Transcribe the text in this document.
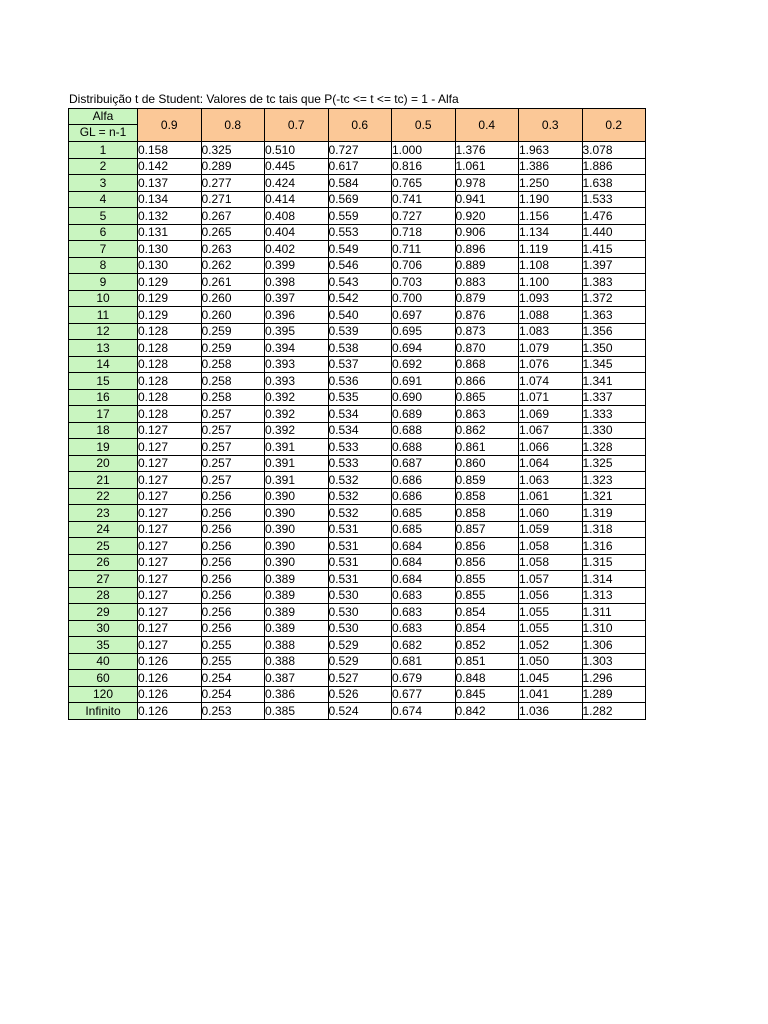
Distribuição t de Student: Valores de tc tais que P(-tc <= t <= tc) = 1 - Alfa
Alfa
GL = n-1	0.9	0.8	0.7	0.6	0.5	0.4	0.3	0.2
1	0.158	0.325	0.510	0.727	1.000	1.376	1.963	3.078
2	0.142	0.289	0.445	0.617	0.816	1.061	1.386	1.886
3	0.137	0.277	0.424	0.584	0.765	0.978	1.250	1.638
4	0.134	0.271	0.414	0.569	0.741	0.941	1.190	1.533
5	0.132	0.267	0.408	0.559	0.727	0.920	1.156	1.476
6	0.131	0.265	0.404	0.553	0.718	0.906	1.134	1.440
7	0.130	0.263	0.402	0.549	0.711	0.896	1.119	1.415
8	0.130	0.262	0.399	0.546	0.706	0.889	1.108	1.397
9	0.129	0.261	0.398	0.543	0.703	0.883	1.100	1.383
10	0.129	0.260	0.397	0.542	0.700	0.879	1.093	1.372
11	0.129	0.260	0.396	0.540	0.697	0.876	1.088	1.363
12	0.128	0.259	0.395	0.539	0.695	0.873	1.083	1.356
13	0.128	0.259	0.394	0.538	0.694	0.870	1.079	1.350
14	0.128	0.258	0.393	0.537	0.692	0.868	1.076	1.345
15	0.128	0.258	0.393	0.536	0.691	0.866	1.074	1.341
16	0.128	0.258	0.392	0.535	0.690	0.865	1.071	1.337
17	0.128	0.257	0.392	0.534	0.689	0.863	1.069	1.333
18	0.127	0.257	0.392	0.534	0.688	0.862	1.067	1.330
19	0.127	0.257	0.391	0.533	0.688	0.861	1.066	1.328
20	0.127	0.257	0.391	0.533	0.687	0.860	1.064	1.325
21	0.127	0.257	0.391	0.532	0.686	0.859	1.063	1.323
22	0.127	0.256	0.390	0.532	0.686	0.858	1.061	1.321
23	0.127	0.256	0.390	0.532	0.685	0.858	1.060	1.319
24	0.127	0.256	0.390	0.531	0.685	0.857	1.059	1.318
25	0.127	0.256	0.390	0.531	0.684	0.856	1.058	1.316
26	0.127	0.256	0.390	0.531	0.684	0.856	1.058	1.315
27	0.127	0.256	0.389	0.531	0.684	0.855	1.057	1.314
28	0.127	0.256	0.389	0.530	0.683	0.855	1.056	1.313
29	0.127	0.256	0.389	0.530	0.683	0.854	1.055	1.311
30	0.127	0.256	0.389	0.530	0.683	0.854	1.055	1.310
35	0.127	0.255	0.388	0.529	0.682	0.852	1.052	1.306
40	0.126	0.255	0.388	0.529	0.681	0.851	1.050	1.303
60	0.126	0.254	0.387	0.527	0.679	0.848	1.045	1.296
120	0.126	0.254	0.386	0.526	0.677	0.845	1.041	1.289
Infinito	0.126	0.253	0.385	0.524	0.674	0.842	1.036	1.282
